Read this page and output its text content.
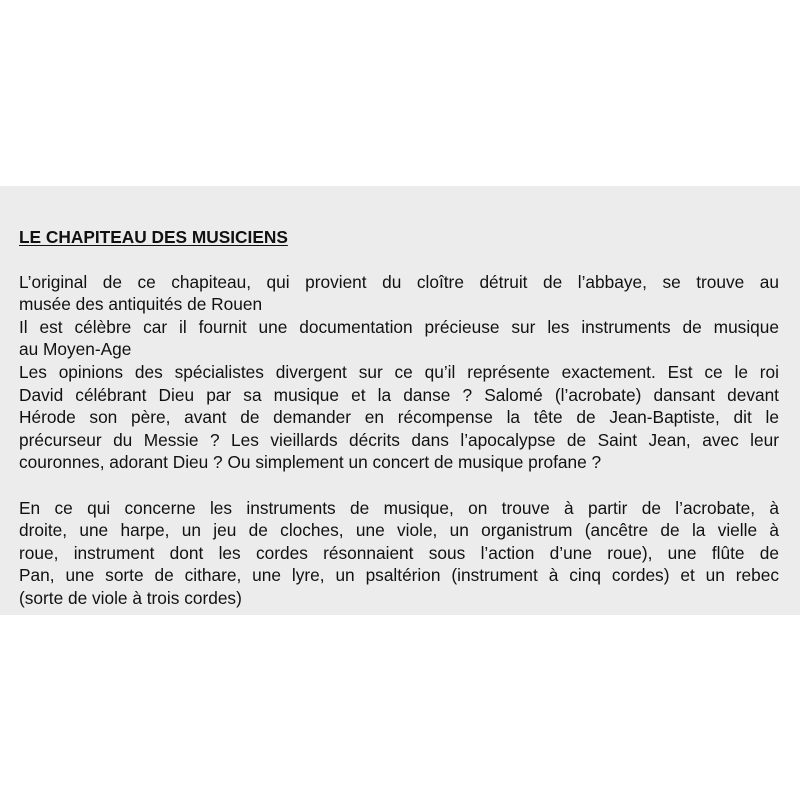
LE CHAPITEAU DES MUSICIENS
L’original de ce chapiteau, qui provient du cloître détruit de l’abbaye, se trouve au
musée des antiquités de Rouen
Il est célèbre car il fournit une documentation précieuse sur les instruments de musique
au Moyen-Age
Les opinions des spécialistes divergent sur ce qu’il représente exactement. Est ce le roi
David célébrant Dieu par sa musique et la danse ? Salomé (l’acrobate) dansant devant
Hérode son père, avant de demander en récompense la tête de Jean-Baptiste, dit le
précurseur du Messie ? Les vieillards décrits dans l’apocalypse de Saint Jean, avec leur
couronnes, adorant Dieu ? Ou simplement un concert de musique profane ?
En ce qui concerne les instruments de musique, on trouve à partir de l’acrobate, à
droite, une harpe, un jeu de cloches, une viole, un organistrum (ancêtre de la vielle à
roue, instrument dont les cordes résonnaient sous l’action d’une roue), une flûte de
Pan, une sorte de cithare, une lyre, un psaltérion (instrument à cinq cordes) et un rebec
(sorte de viole à trois cordes)
